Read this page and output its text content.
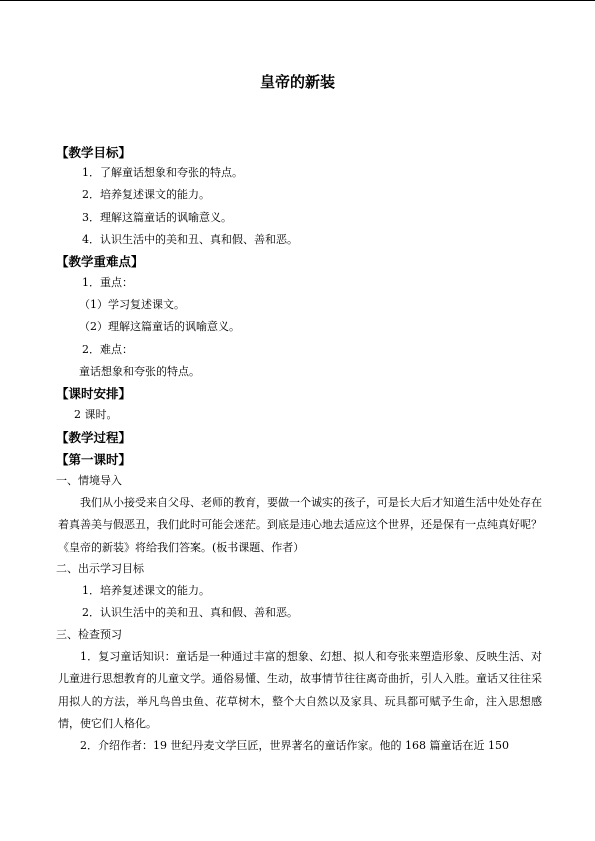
皇帝的新装
【教学目标】
1．了解童话想象和夸张的特点。
2．培养复述课文的能力。
3．理解这篇童话的讽喻意义。
4．认识生活中的美和丑、真和假、善和恶。
【教学重难点】
1．重点：
（1）学习复述课文。
（2）理解这篇童话的讽喻意义。
2．难点：
童话想象和夸张的特点。
【课时安排】
2 课时。
【教学过程】
【第一课时】
一、情境导入
我们从小接受来自父母、老师的教育，要做一个诚实的孩子，可是长大后才知道生活中处处存在着真善美与假恶丑，我们此时可能会迷茫。到底是违心地去适应这个世界，还是保有一点纯真好呢？《皇帝的新装》将给我们答案。(板书课题、作者）
二、出示学习目标
1．培养复述课文的能力。
2．认识生活中的美和丑、真和假、善和恶。
三、检查预习
1．复习童话知识：童话是一种通过丰富的想象、幻想、拟人和夸张来塑造形象、反映生活、对儿童进行思想教育的儿童文学。通俗易懂、生动，故事情节往往离奇曲折，引人入胜。童话又往往采用拟人的方法，举凡鸟兽虫鱼、花草树木，整个大自然以及家具、玩具都可赋予生命，注入思想感情，使它们人格化。
2．介绍作者：19 世纪丹麦文学巨匠，世界著名的童话作家。他的 168 篇童话在近 150
